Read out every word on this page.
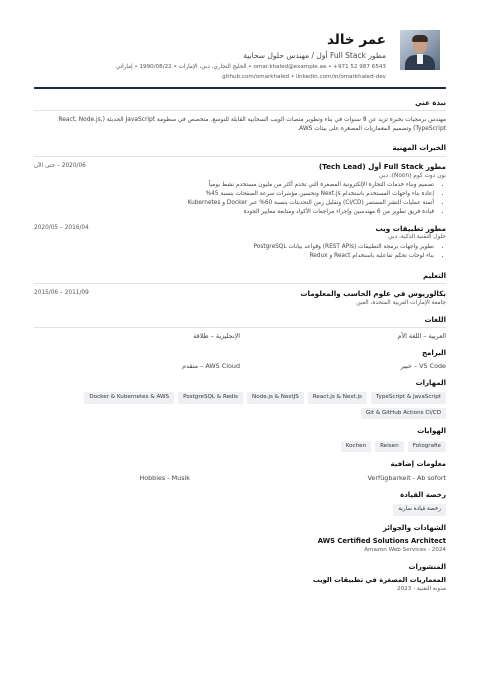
عمر خالد
مطور Full Stack أول / مهندس حلول سحابية
+971 52 987 6543 • omar.khaled@example.ae • الخليج التجاري، دبي، الإمارات • 1990/08/22 • إماراتي
linkedin.com/in/omarkhaled-dev • github.com/omarkhaled
نبذة عني
مهندس برمجيات بخبرة تزيد عن 8 سنوات في بناء وتطوير منصات الويب السحابية القابلة للتوسع. متخصص في منظومة JavaScript الحديثة (React, Node.js, TypeScript) وتصميم المعماريات المصغرة على بيئات AWS.
الخبرات المهنية
مطور Full Stack أول (Tech Lead)
نون دوت كوم (Noon)، دبي
• تصميم وبناء خدمات التجارة الإلكترونية المصغرة التي تخدم أكثر من مليون مستخدم نشط يومياً
• إعادة بناء واجهات المستخدم باستخدام Next.js وتحسين مؤشرات سرعة الصفحات بنسبة 45%
• أتمتة عمليات النشر المستمر (CI/CD) وتقليل زمن التحديثات بنسبة 60% عبر Docker و Kubernetes
• قيادة فريق تطوير من 6 مهندسين وإجراء مراجعات الأكواد ومتابعة معايير الجودة
2020/06 – حتى الآن
مطور تطبيقات ويب
حلول التقنية الذكية، دبي
• تطوير واجهات برمجة التطبيقات (REST APIs) وقواعد بيانات PostgreSQL
• بناء لوحات تحكم تفاعلية باستخدام React و Redux
2016/04 – 2020/05
التعليم
بكالوريوس في علوم الحاسب والمعلومات
جامعة الإمارات العربية المتحدة، العين
2011/09 – 2015/06
اللغات
العربية – اللغة الأم
الإنجليزية – طلاقة
البرامج
VS Code – خبير
AWS Cloud – متقدم
المهارات
TypeScript & JavaScript
React.js & Next.js
Node.js & NestJS
PostgreSQL & Redis
Docker & Kubernetes & AWS
Git & GitHub Actions CI/CD
الهوايات
Fotografie
Reisen
Kochen
معلومات إضافية
Verfügbarkeit - Ab sofort
Hobbies - Musik
رخصة القيادة
رخصة قيادة سارية
الشهادات والجوائز
AWS Certified Solutions Architect
Amazon Web Services - 2024
المنشورات
المعماريات المصغرة في تطبيقات الويب
مدونة التقنية - 2023
